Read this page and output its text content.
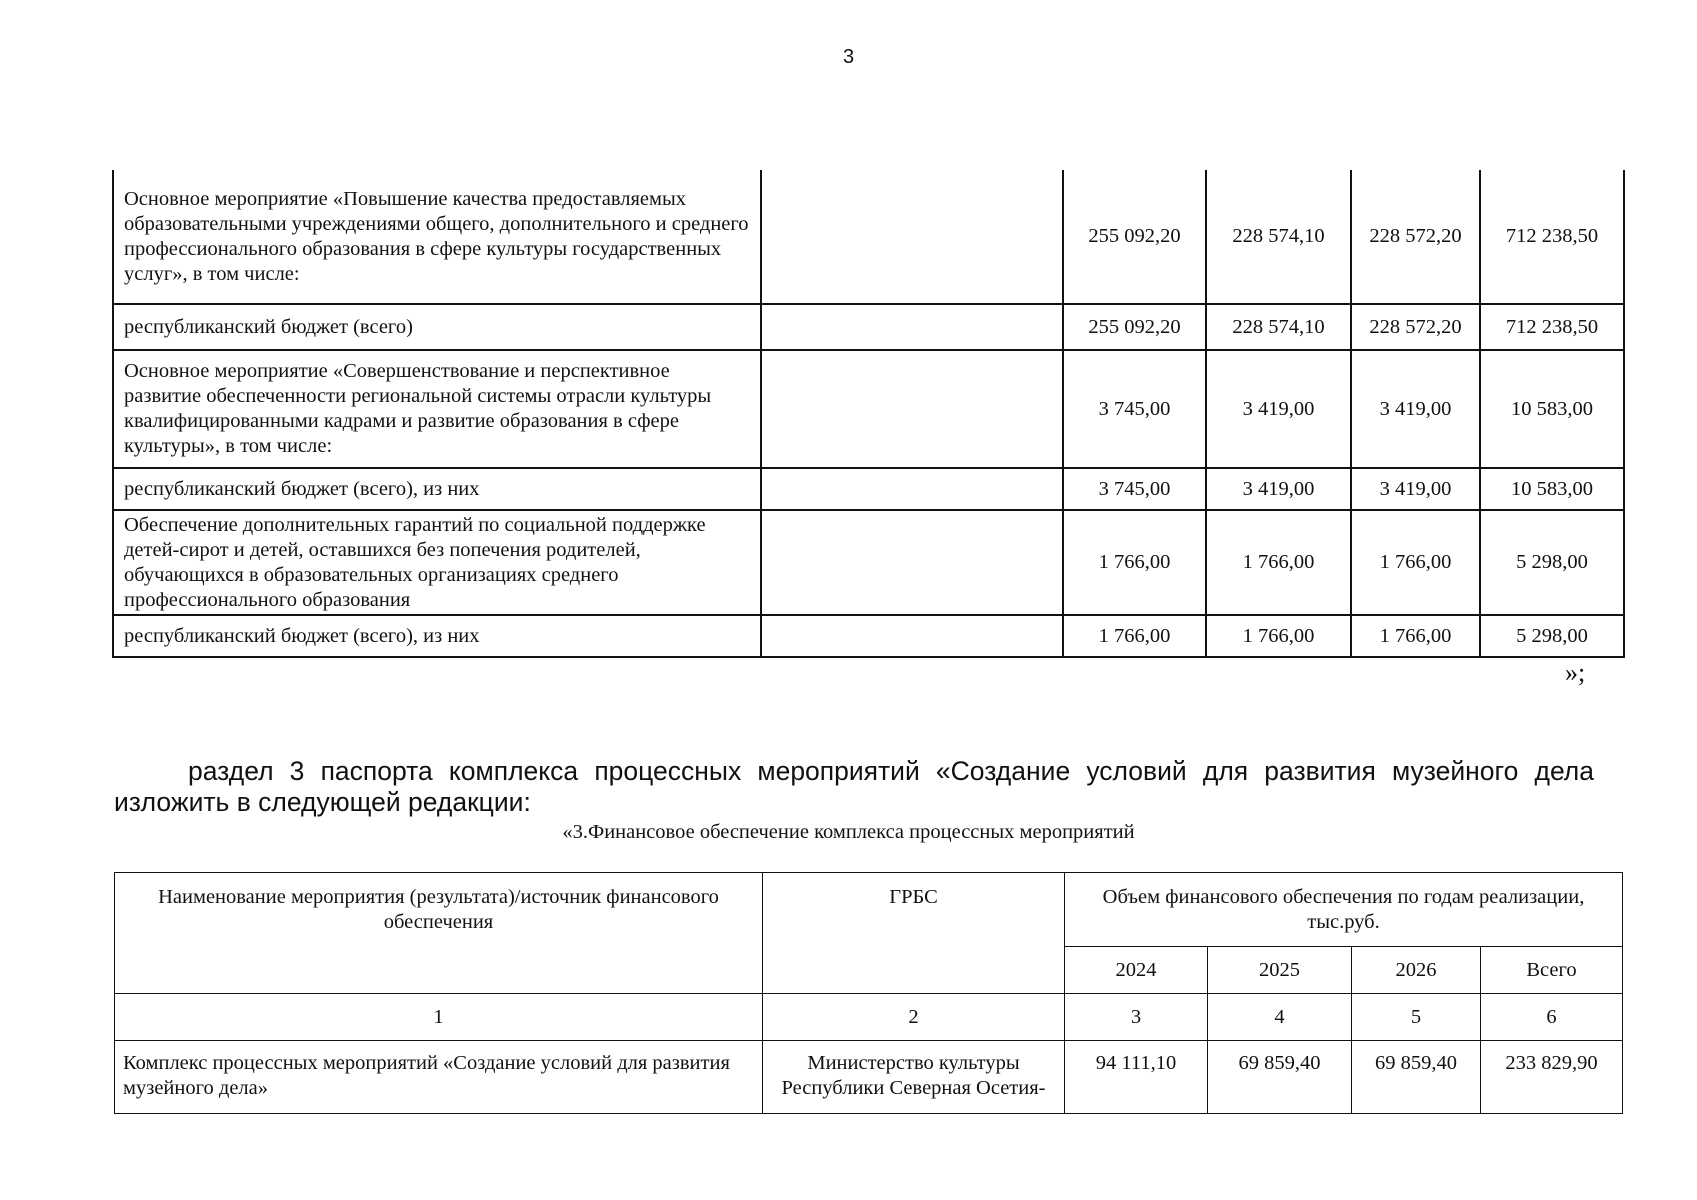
3
Основное мероприятие «Повышение качества предоставляемых образовательными учреждениями общего, дополнительного и среднего профессионального образования в сфере культуры государственных услуг», в том числе:		255 092,20	228 574,10	228 572,20	712 238,50
республиканский бюджет (всего)		255 092,20	228 574,10	228 572,20	712 238,50
Основное мероприятие «Совершенствование и перспективное развитие обеспеченности региональной системы отрасли культуры квалифицированными кадрами и развитие образования в сфере культуры», в том числе:		3 745,00	3 419,00	3 419,00	10 583,00
республиканский бюджет (всего), из них		3 745,00	3 419,00	3 419,00	10 583,00
Обеспечение дополнительных гарантий по социальной поддержке детей-сирот и детей, оставшихся без попечения родителей, обучающихся в образовательных организациях среднего профессионального образования		1 766,00	1 766,00	1 766,00	5 298,00
республиканский бюджет (всего), из них		1 766,00	1 766,00	1 766,00	5 298,00
»;
раздел 3 паспорта комплекса процессных мероприятий «Создание условий для развития музейного дела изложить в следующей редакции:
«3.Финансовое обеспечение комплекса процессных мероприятий
Наименование мероприятия (результата)/источник финансового обеспечения	ГРБС	Объем финансового обеспечения по годам реализации, тыс.руб.			
		2024	2025	2026	Всего
1	2	3	4	5	6
Комплекс процессных мероприятий «Создание условий для развития музейного дела»	Министерство культуры Республики Северная Осетия-	94 111,10	69 859,40	69 859,40	233 829,90
